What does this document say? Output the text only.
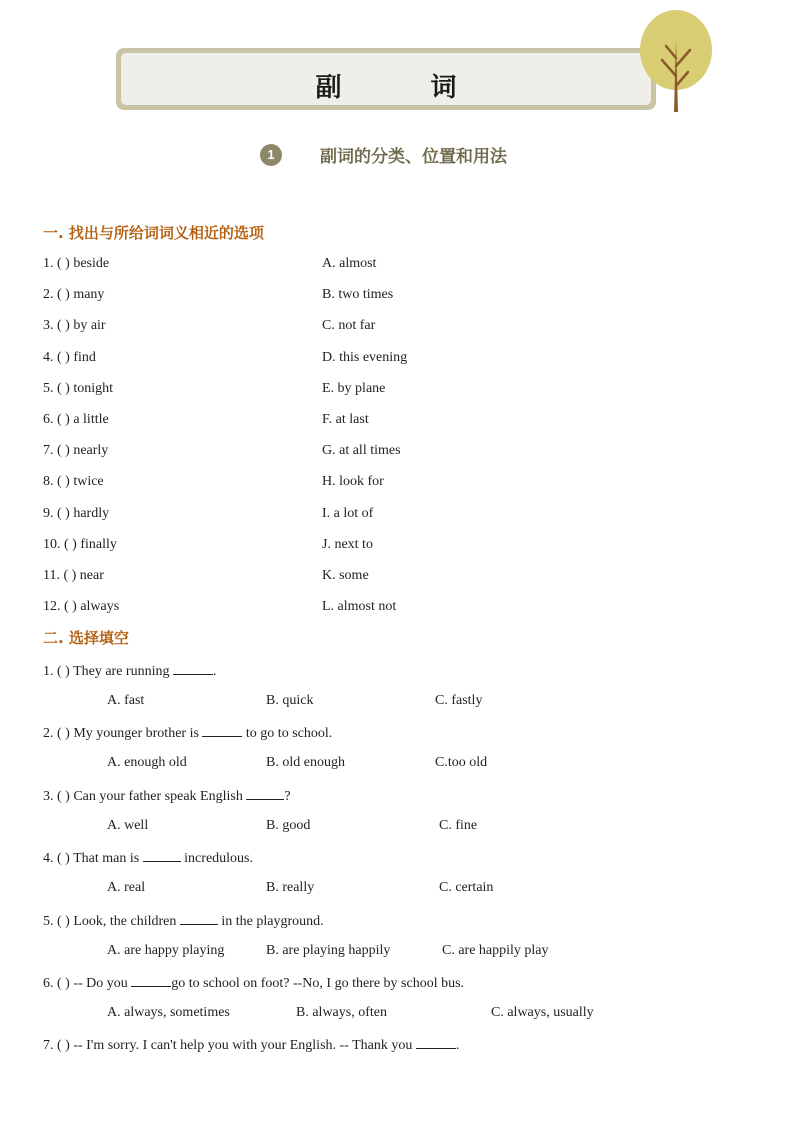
副 词
1	副词的分类、位置和用法
一. 找出与所给词词义相近的选项
1. ( ) beside	A. almost
2. ( ) many	B. two times
3. ( ) by air	C. not far
4. ( ) find	D. this evening
5. ( ) tonight	E. by plane
6. ( ) a little	F. at last
7. ( ) nearly	G. at all times
8. ( ) twice	H. look for
9. ( ) hardly	I. a lot of
10. ( ) finally	J. next to
11. ( ) near	K. some
12. ( ) always	L. almost not
二. 选择填空
1. ( ) They are running	.
A. fast	B. quick	C. fastly
2. ( ) My younger brother is	to go to school.
A. enough old	B. old enough	C.too old
3. ( ) Can your father speak English	?
A. well	B. good	C. fine
4. ( ) That man is	incredulous.
A. real	B. really	C. certain
5. ( ) Look, the children	in the playground.
A. are happy playing	B. are playing happily	C. are happily play
6. ( ) -- Do you	go to school on foot? --No, I go there by school bus.
A. always, sometimes	B. always, often	C. always, usually
7. ( ) -- I'm sorry. I can't help you with your English. -- Thank you	.
